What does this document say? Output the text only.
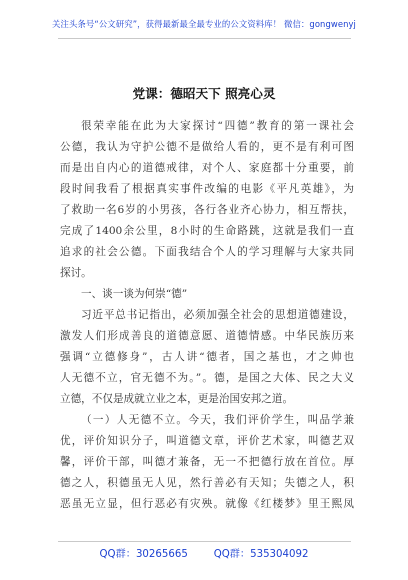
关注头条号“公文研究”，获得最新最全最专业的公文资料库！ 微信：gongwenyj
党课：德昭天下 照亮心灵
很荣幸能在此为大家探讨“四德”教育的第一课社会
公德，我认为守护公德不是做给人看的，更不是有利可图
而是出自内心的道德戒律，对个人、家庭都十分重要，前
段时间我看了根据真实事件改编的电影《平凡英雄》，为
了救助一名6岁的小男孩，各行各业齐心协力，相互帮扶，
完成了1400余公里，8小时的生命路跳，这就是我们一直
追求的社会公德。下面我结合个人的学习理解与大家共同
探讨。
一、谈一谈为何崇“德”
习近平总书记指出，必须加强全社会的思想道德建设，
激发人们形成善良的道德意愿、道德情感。中华民族历来
强调“立德修身”，古人讲“德者，国之基也，才之帅也
人无德不立，官无德不为。”。德，是国之大体、民之大义
立德，不仅是成就立业之本，更是治国安邦之道。
（一）人无德不立。今天，我们评价学生，叫品学兼
优，评价知识分子，叫道德文章，评价艺术家，叫德艺双
馨，评价干部，叫德才兼备，无一不把德行放在首位。厚
德之人，积德虽无人见，然行善必有天知；失德之人，积
恶虽无立显，但行恶必有灾殃。就像《红楼梦》里王熙凤
QQ群：30265665        QQ群：535304092
